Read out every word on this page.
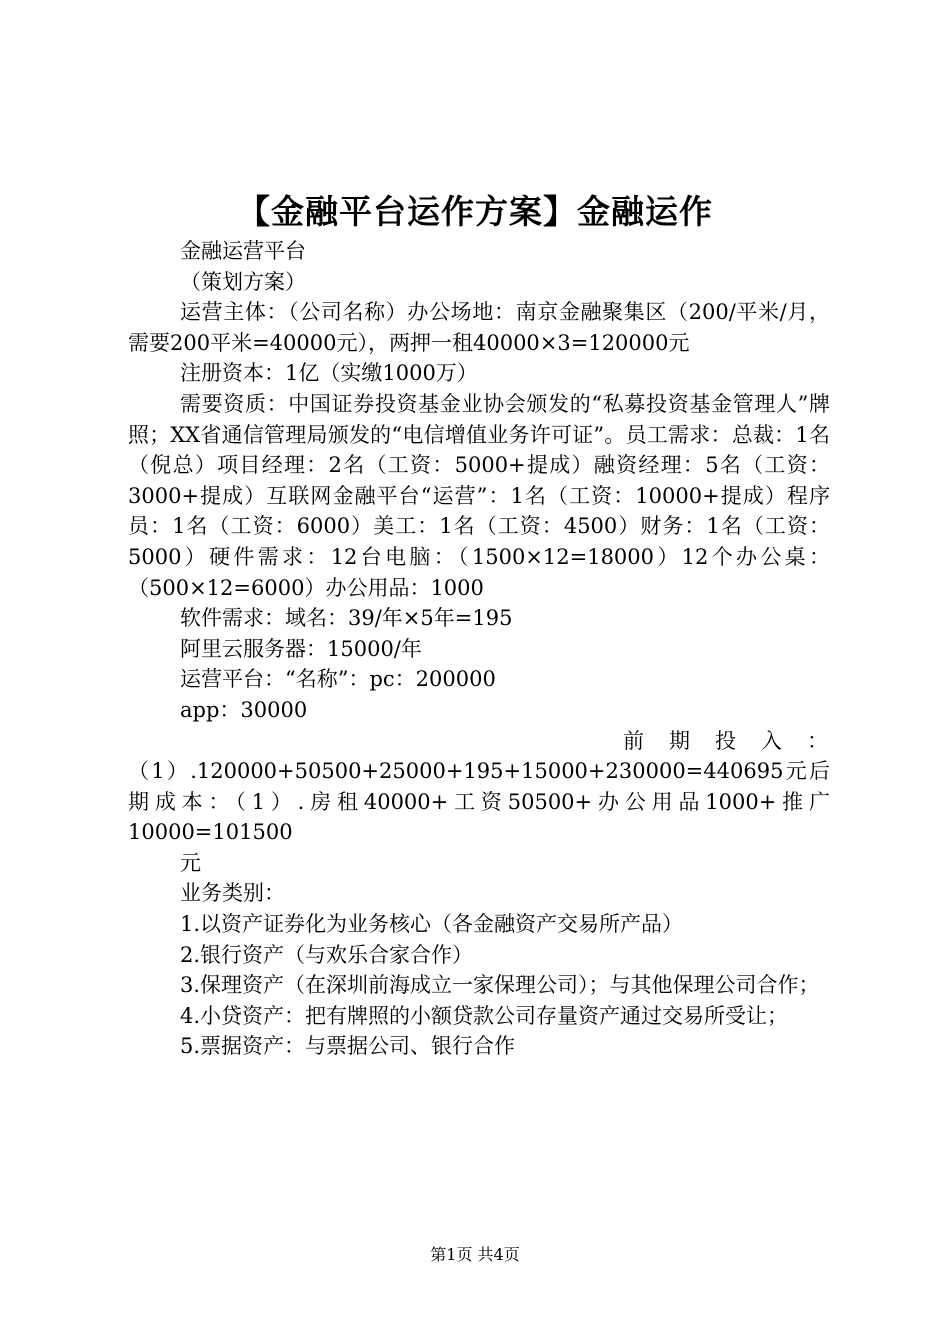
【金融平台运作方案】金融运作

金融运营平台

（策划方案）

运营主体：（公司名称）办公场地：南京金融聚集区（200/平米/月，需要200平米=40000元），两押一租40000×3=120000元

注册资本：1亿（实缴1000万）

需要资质：中国证券投资基金业协会颁发的“私募投资基金管理人”牌照；XX省通信管理局颁发的“电信增值业务许可证”。员工需求：总裁：1名（倪总）项目经理：2名（工资：5000+提成）融资经理：5名（工资：3000+提成）互联网金融平台“运营”：1名（工资：10000+提成）程序员：1名（工资：6000）美工：1名（工资：4500）财务：1名（工资：5000）硬件需求：12台电脑：（1500×12=18000）12个办公桌：（500×12=6000）办公用品：1000

软件需求：域名：39/年×5年=195

阿里云服务器：15000/年

运营平台：“名称”：pc：200000

app：30000

前　期　投　入　：

（1）.120000+50500+25000+195+15000+230000=440695元后期成本：（1）.房租40000+工资50500+办公用品1000+推广10000=101500

元

业务类别：

1.以资产证券化为业务核心（各金融资产交易所产品）

2.银行资产（与欢乐合家合作）

3.保理资产（在深圳前海成立一家保理公司）；与其他保理公司合作；

4.小贷资产：把有牌照的小额贷款公司存量资产通过交易所受让；

5.票据资产：与票据公司、银行合作

第1页 共4页
